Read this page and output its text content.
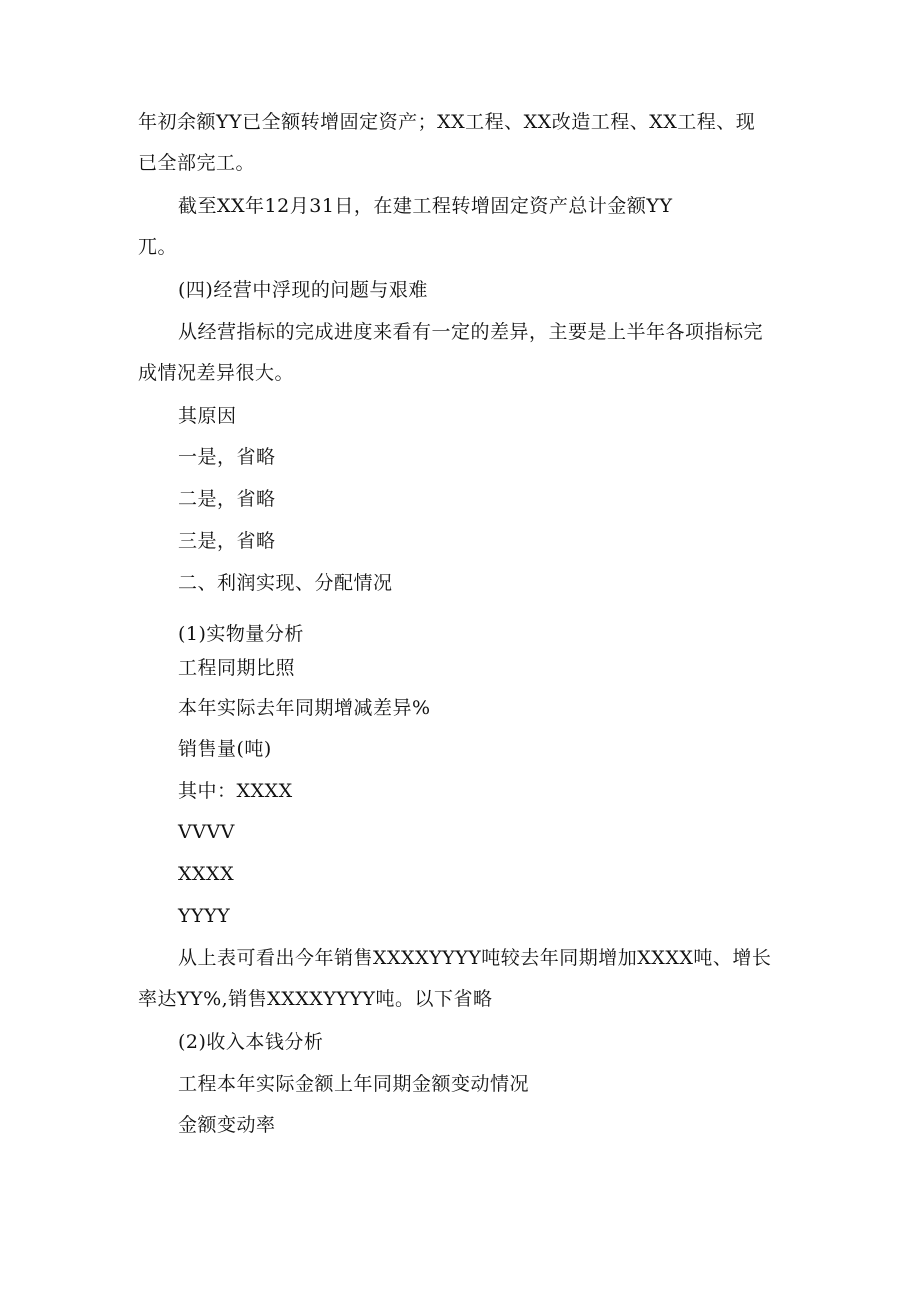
年初余额YY已全额转增固定资产；XX工程、XX改造工程、XX工程、现
已全部完工。
截至XX年12月31日，在建工程转增固定资产总计金额YY
兀。
(四)经营中浮现的问题与艰难
从经营指标的完成进度来看有一定的差异，主要是上半年各项指标完
成情况差异很大。
其原因
一是，省略
二是，省略
三是，省略
二、利润实现、分配情况
(1)实物量分析
工程同期比照
本年实际去年同期增减差异%
销售量(吨)
其中：XXXX
VVVV
XXXX
YYYY
从上表可看出今年销售XXXXYYYY吨较去年同期增加XXXX吨、增长
率达YY%,销售XXXXYYYY吨。以下省略
(2)收入本钱分析
工程本年实际金额上年同期金额变动情况
金额变动率
